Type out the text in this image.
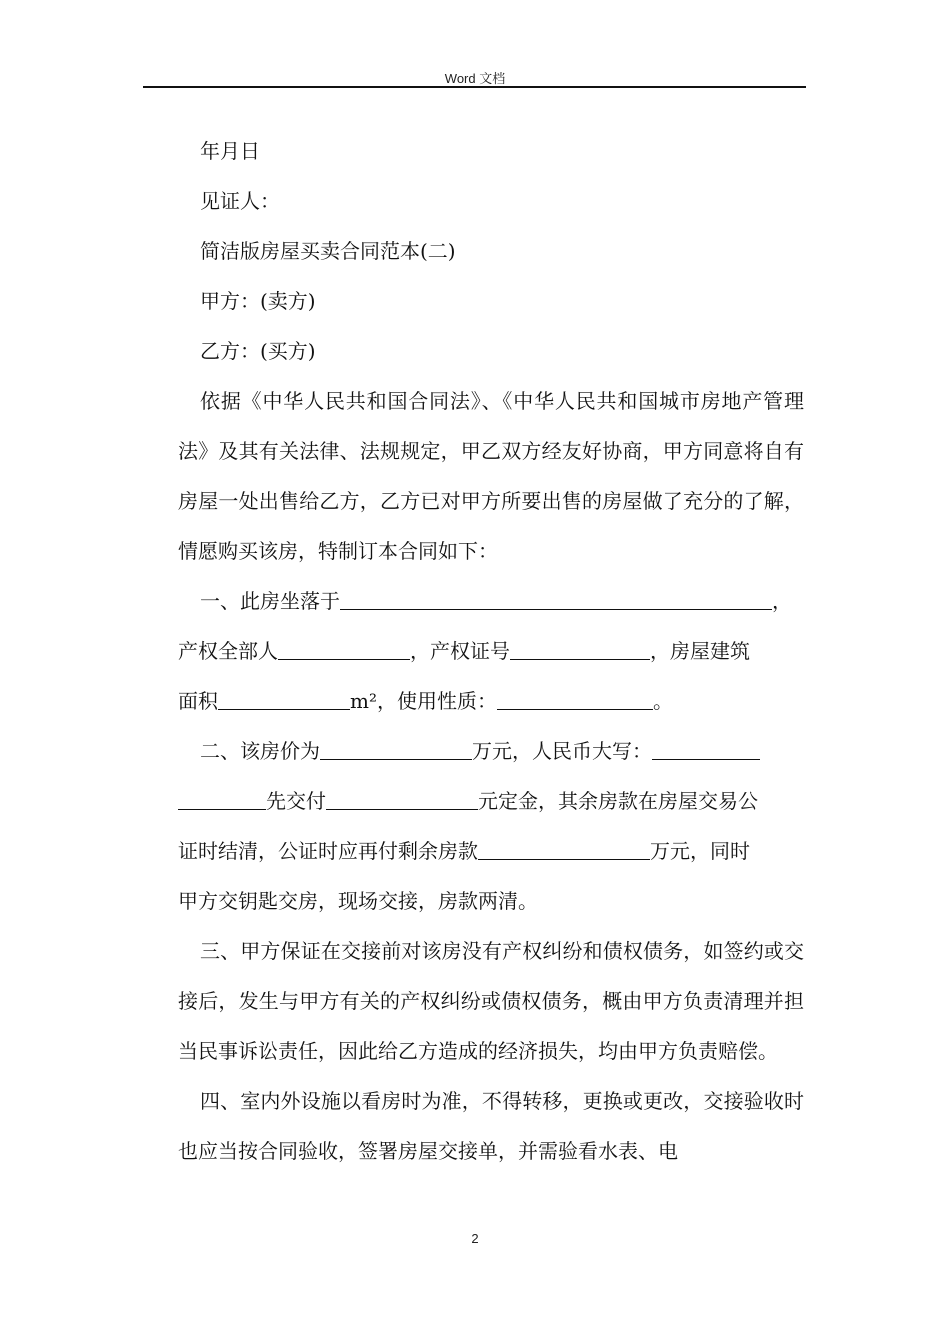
Word 文档

年月日

见证人：

简洁版房屋买卖合同范本(二)

甲方：(卖方)

乙方：(买方)

依据《中华人民共和国合同法》、《中华人民共和国城市房地产管理法》及其有关法律、法规规定，甲乙双方经友好协商，甲方同意将自有房屋一处出售给乙方，乙方已对甲方所要出售的房屋做了充分的了解，情愿购买该房，特制订本合同如下：

一、此房坐落于	，

产权全部人	，产权证号	，房屋建筑

面积	m²，使用性质：	。

二、该房价为	万元，人民币大写：

先交付	元定金，其余房款在房屋交易公

证时结清，公证时应再付剩余房款	万元，同时

甲方交钥匙交房，现场交接，房款两清。

三、甲方保证在交接前对该房没有产权纠纷和债权债务，如签约或交接后，发生与甲方有关的产权纠纷或债权债务，概由甲方负责清理并担当民事诉讼责任，因此给乙方造成的经济损失，均由甲方负责赔偿。

四、室内外设施以看房时为准，不得转移，更换或更改，交接验收时也应当按合同验收，签署房屋交接单，并需验看水表、电

2
